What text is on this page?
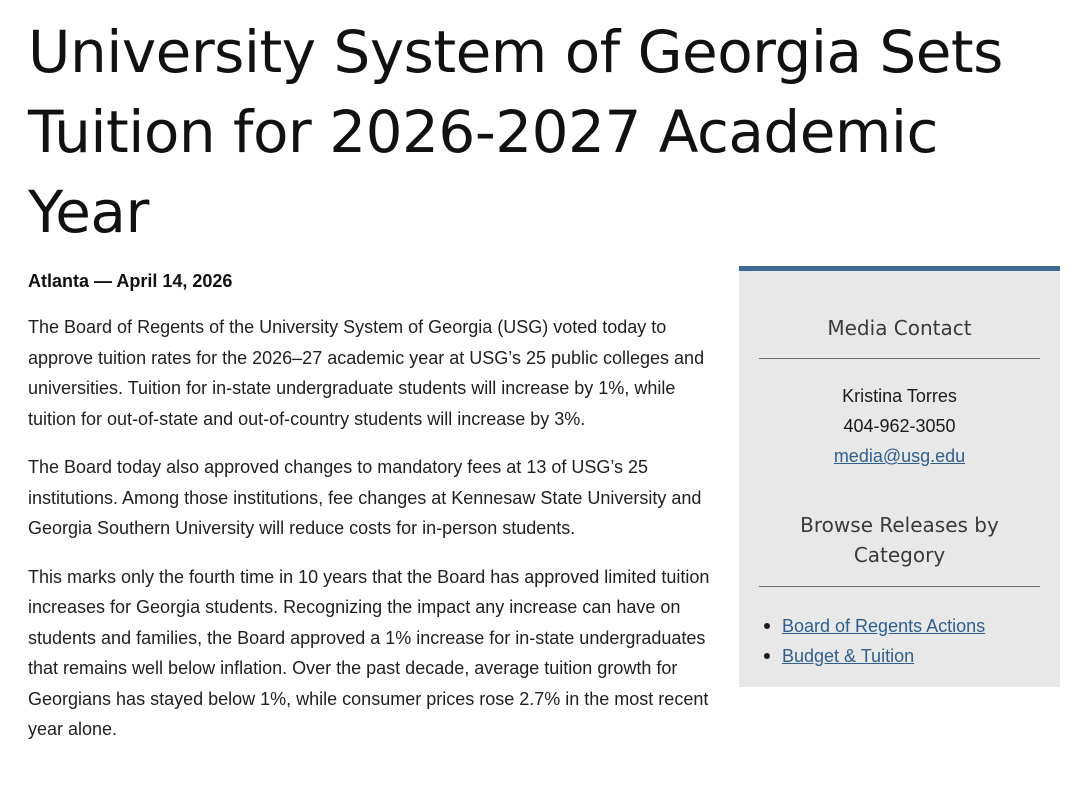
University System of Georgia Sets Tuition for 2026-2027 Academic Year
Atlanta — April 14, 2026

The Board of Regents of the University System of Georgia (USG) voted today to approve tuition rates for the 2026–27 academic year at USG’s 25 public colleges and universities. Tuition for in-state undergraduate students will increase by 1%, while tuition for out-of-state and out-of-country students will increase by 3%.

The Board today also approved changes to mandatory fees at 13 of USG’s 25 institutions. Among those institutions, fee changes at Kennesaw State University and Georgia Southern University will reduce costs for in-person students.

This marks only the fourth time in 10 years that the Board has approved limited tuition increases for Georgia students. Recognizing the impact any increase can have on students and families, the Board approved a 1% increase for in-state undergraduates that remains well below inflation. Over the past decade, average tuition growth for Georgians has stayed below 1%, while consumer prices rose 2.7% in the most recent year alone.

Media Contact
Kristina Torres
404-962-3050
media@usg.edu
Browse Releases by Category
Board of Regents Actions
Budget & Tuition
